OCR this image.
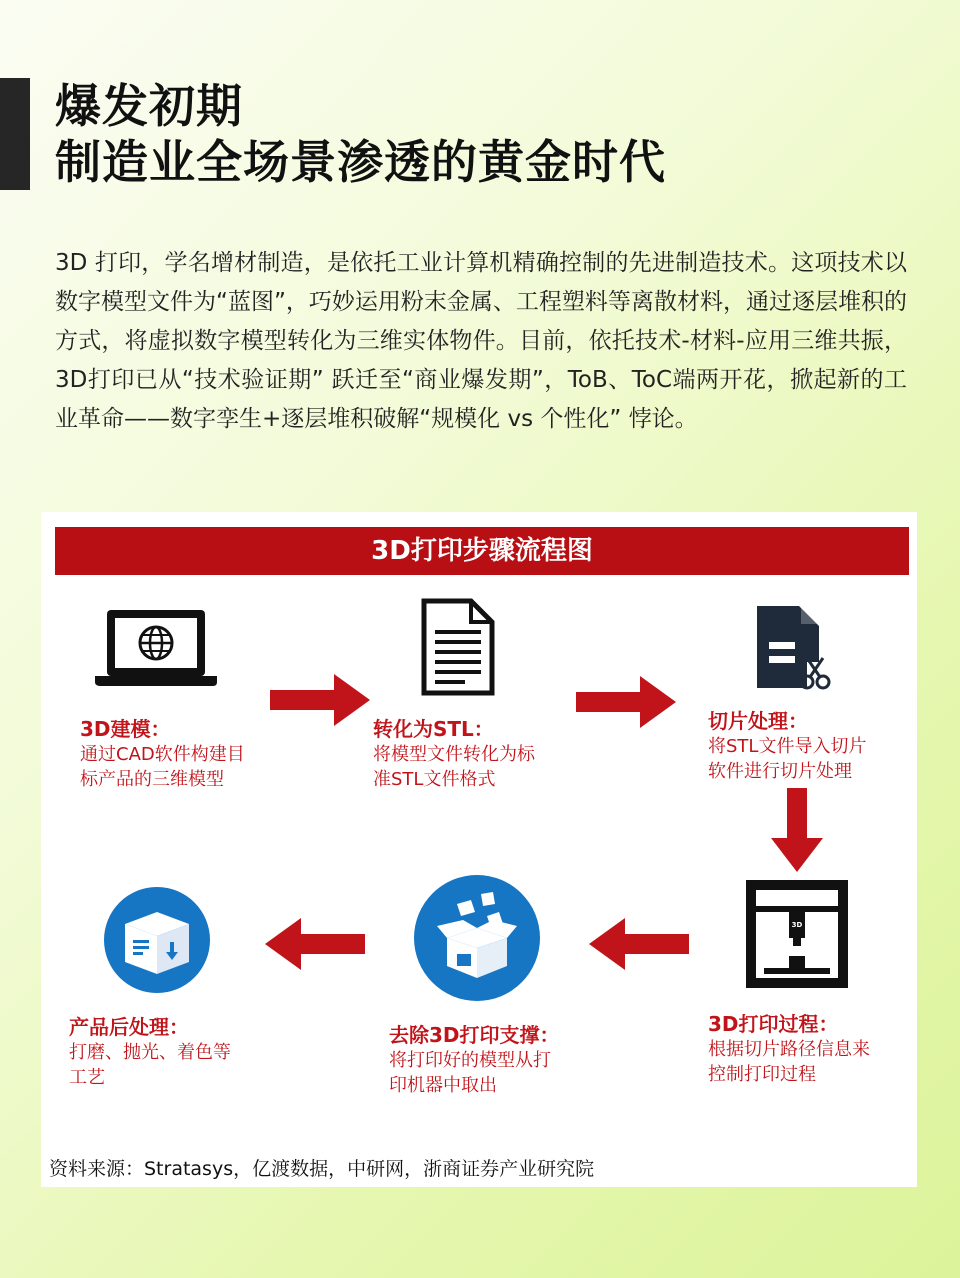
爆发初期
制造业全场景渗透的黄金时代

3D 打印，学名增材制造，是依托工业计算机精确控制的先进制造技术。这项技术以数字模型文件为“蓝图”，巧妙运用粉末金属、工程塑料等离散材料，通过逐层堆积的方式，将虚拟数字模型转化为三维实体物件。目前，依托技术-材料-应用三维共振，3D打印已从“技术验证期” 跃迁至“商业爆发期”，ToB、ToC端两开花，掀起新的工业革命——数字孪生+逐层堆积破解“规模化 vs 个性化” 悖论。

3D打印步骤流程图
3D
3D建模：
通过CAD软件构建目
标产品的三维模型
转化为STL：
将模型文件转化为标
准STL文件格式
切片处理：
将STL文件导入切片
软件进行切片处理
3D打印过程：
根据切片路径信息来
控制打印过程
去除3D打印支撑：
将打印好的模型从打
印机器中取出
产品后处理：
打磨、抛光、着色等
工艺
资料来源：Stratasys，亿渡数据，中研网，浙商证券产业研究院
